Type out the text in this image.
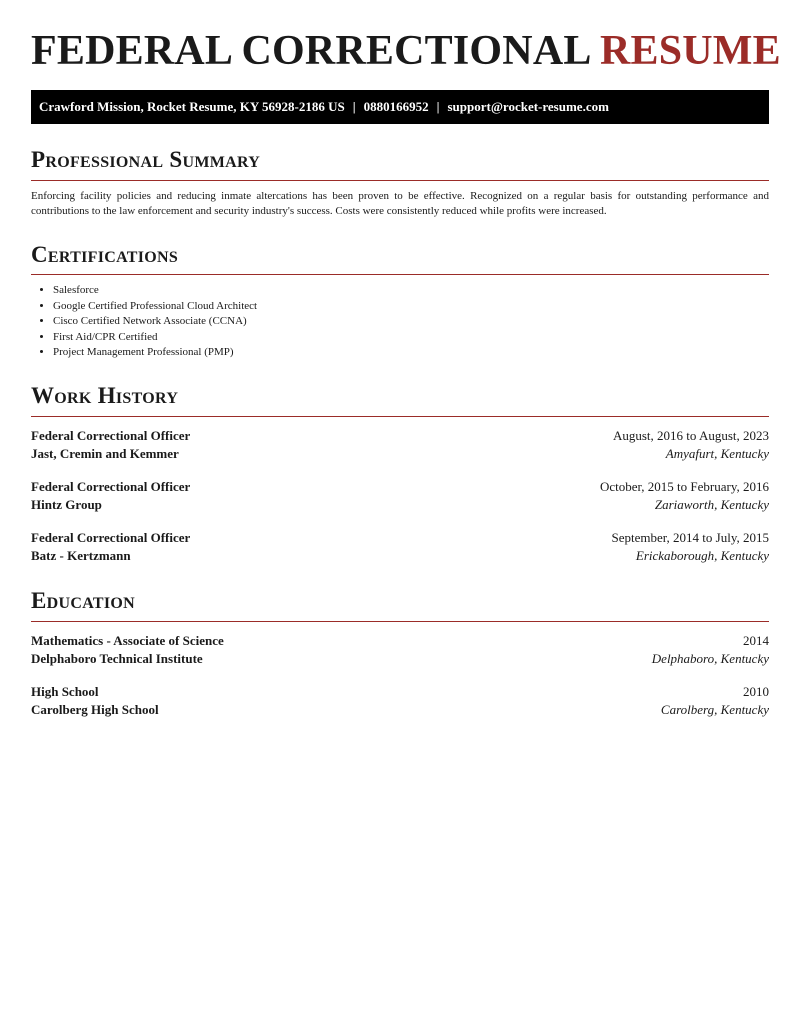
FEDERAL CORRECTIONAL RESUME
Crawford Mission, Rocket Resume, KY 56928-2186 US | 0880166952 | support@rocket-resume.com
Professional Summary

Enforcing facility policies and reducing inmate altercations has been proven to be effective. Recognized on a regular basis for outstanding performance and contributions to the law enforcement and security industry's success. Costs were consistently reduced while profits were increased.

Certifications
• Salesforce
• Google Certified Professional Cloud Architect
• Cisco Certified Network Associate (CCNA)
• First Aid/CPR Certified
• Project Management Professional (PMP)
Work History
Federal Correctional Officer	August, 2016 to August, 2023
Jast, Cremin and Kemmer	Amyafurt, Kentucky
Federal Correctional Officer	October, 2015 to February, 2016
Hintz Group	Zariaworth, Kentucky
Federal Correctional Officer	September, 2014 to July, 2015
Batz - Kertzmann	Erickaborough, Kentucky
Education
Mathematics - Associate of Science	2014
Delphaboro Technical Institute	Delphaboro, Kentucky
High School	2010
Carolberg High School	Carolberg, Kentucky
